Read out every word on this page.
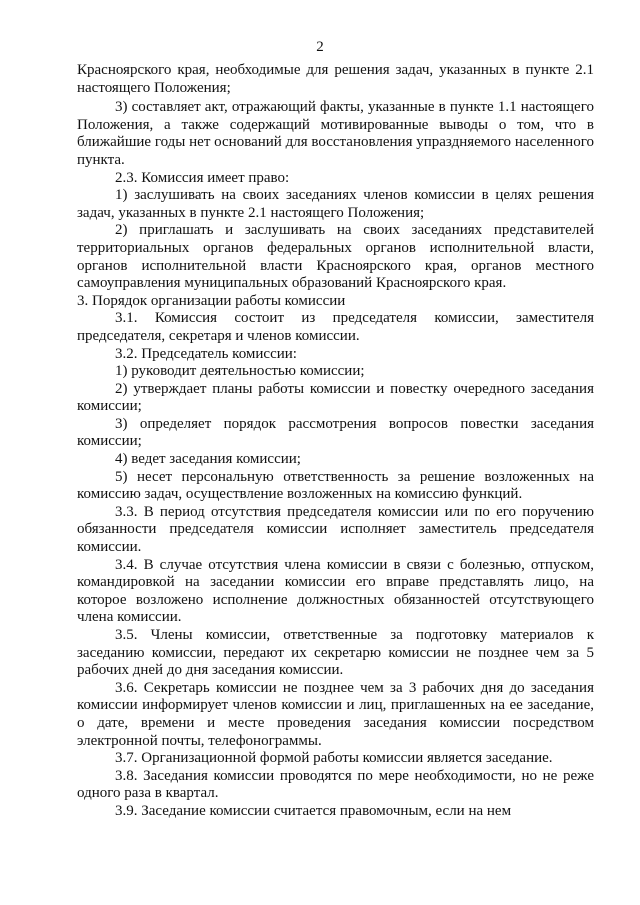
2

Красноярского края, необходимые для решения задач, указанных в пункте 2.1 настоящего Положения;

3) составляет акт, отражающий факты, указанные в пункте 1.1 настоящего Положения, а также содержащий мотивированные выводы о том, что в ближайшие годы нет оснований для восстановления упраздняемого населенного пункта.

2.3. Комиссия имеет право:

1) заслушивать на своих заседаниях членов комиссии в целях решения задач, указанных в пункте 2.1 настоящего Положения;

2) приглашать и заслушивать на своих заседаниях представителей территориальных органов федеральных органов исполнительной власти, органов исполнительной власти Красноярского края, органов местного самоуправления муниципальных образований Красноярского края.

3. Порядок организации работы комиссии

3.1. Комиссия состоит из председателя комиссии, заместителя председателя, секретаря и членов комиссии.

3.2. Председатель комиссии:

1) руководит деятельностью комиссии;

2) утверждает планы работы комиссии и повестку очередного заседания комиссии;

3) определяет порядок рассмотрения вопросов повестки заседания комиссии;

4) ведет заседания комиссии;

5) несет персональную ответственность за решение возложенных на комиссию задач, осуществление возложенных на комиссию функций.

3.3. В период отсутствия председателя комиссии или по его поручению обязанности председателя комиссии исполняет заместитель председателя комиссии.

3.4. В случае отсутствия члена комиссии в связи с болезнью, отпуском, командировкой на заседании комиссии его вправе представлять лицо, на которое возложено исполнение должностных обязанностей отсутствующего члена комиссии.

3.5. Члены комиссии, ответственные за подготовку материалов к заседанию комиссии, передают их секретарю комиссии не позднее чем за 5 рабочих дней до дня заседания комиссии.

3.6. Секретарь комиссии не позднее чем за 3 рабочих дня до заседания комиссии информирует членов комиссии и лиц, приглашенных на ее заседание, о дате, времени и месте проведения заседания комиссии посредством электронной почты, телефонограммы.

3.7. Организационной формой работы комиссии является заседание.

3.8. Заседания комиссии проводятся по мере необходимости, но не реже одного раза в квартал.

3.9. Заседание комиссии считается правомочным, если на нем
